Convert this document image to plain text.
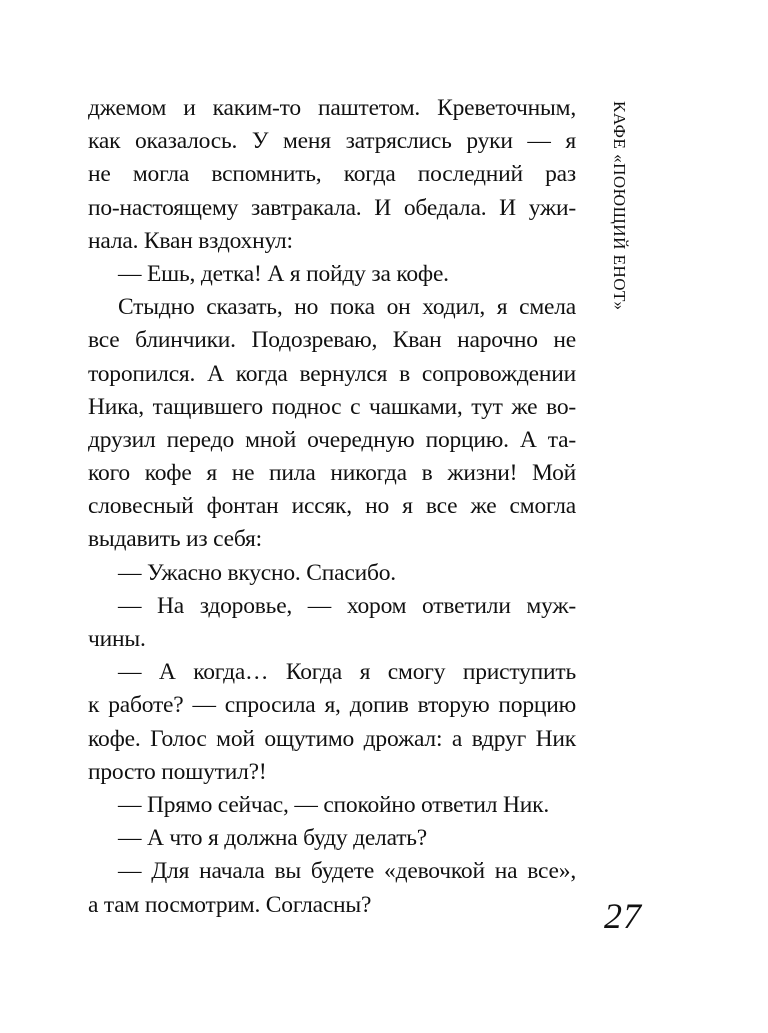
джемом и каким-то паштетом. Креветочным,
как оказалось. У меня затряслись руки — я
не могла вспомнить, когда последний раз
по-настоящему завтракала. И обедала. И ужи-
нала. Кван вздохнул:
— Ешь, детка! А я пойду за кофе.
Стыдно сказать, но пока он ходил, я смела
все блинчики. Подозреваю, Кван нарочно не
торопился. А когда вернулся в сопровождении
Ника, тащившего поднос с чашками, тут же во-
друзил передо мной очередную порцию. А та-
кого кофе я не пила никогда в жизни! Мой
словесный фонтан иссяк, но я все же смогла
выдавить из себя:
— Ужасно вкусно. Спасибо.
— На здоровье, — хором ответили муж-
чины.
— А когда… Когда я смогу приступить
к работе? — спросила я, допив вторую порцию
кофе. Голос мой ощутимо дрожал: а вдруг Ник
просто пошутил?!
— Прямо сейчас, — спокойно ответил Ник.
— А что я должна буду делать?
— Для начала вы будете «девочкой на все»,
а там посмотрим. Согласны?
КАФЕ «ПОЮЩИЙ ЕНОТ»
27
